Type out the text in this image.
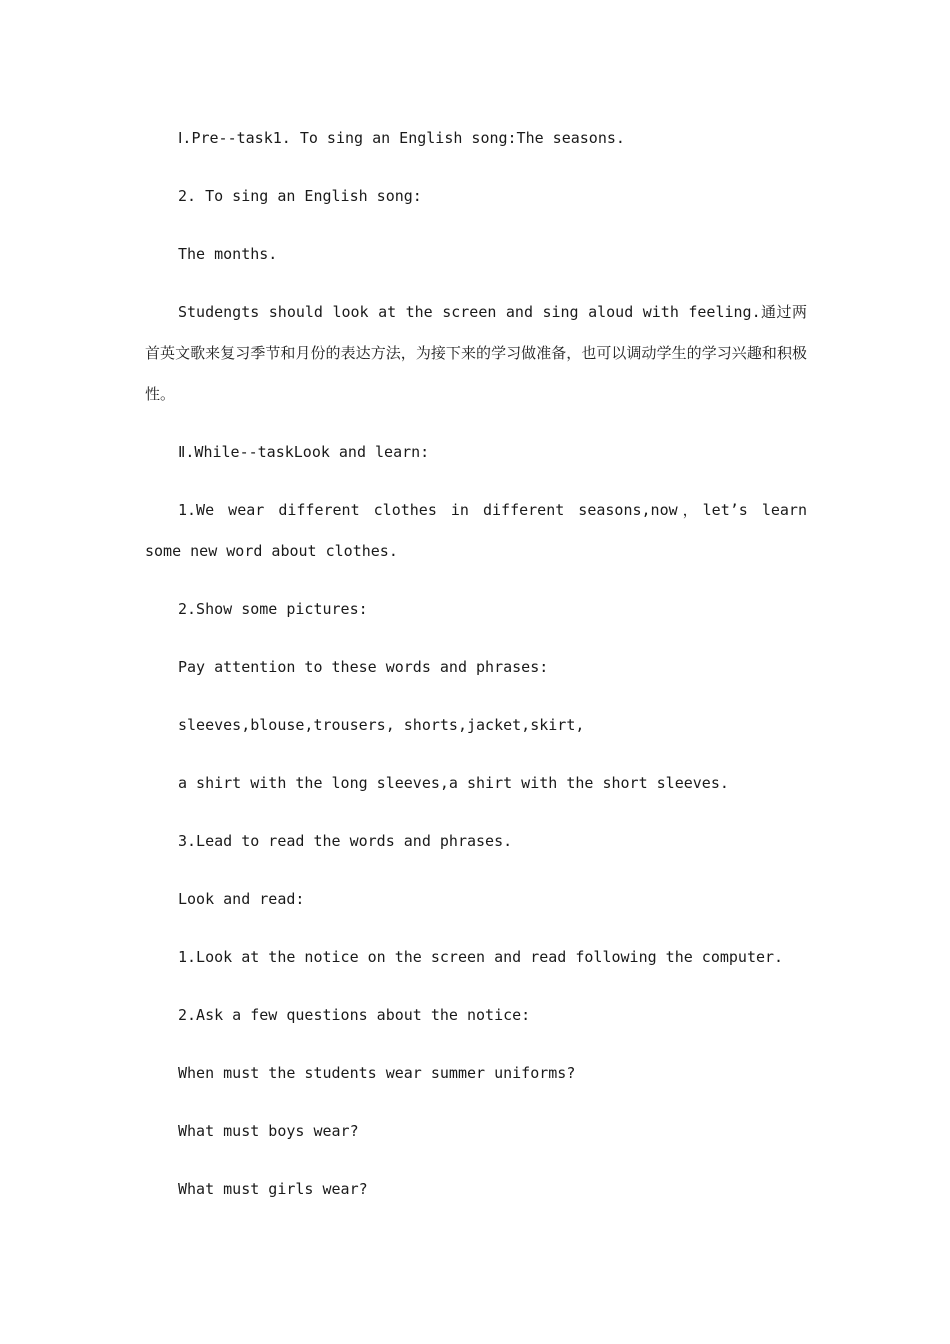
Ⅰ.Pre--task1. To sing an English song:The seasons.

2. To sing an English song:

The months.

Studengts should look at the screen and sing aloud with feeling.通过两首英文歌来复习季节和月份的表达方法，为接下来的学习做准备，也可以调动学生的学习兴趣和积极性。

Ⅱ.While--taskLook and learn:

1.We wear different clothes in different seasons,now，let’s learn some new word about clothes.

2.Show some pictures:

Pay attention to these words and phrases:

sleeves,blouse,trousers, shorts,jacket,skirt,

a shirt with the long sleeves,a shirt with the short sleeves.

3.Lead to read the words and phrases.

Look and read:

1.Look at the notice on the screen and read following the computer.

2.Ask a few questions about the notice:

When must the students wear summer uniforms?

What must boys wear?

What must girls wear?
